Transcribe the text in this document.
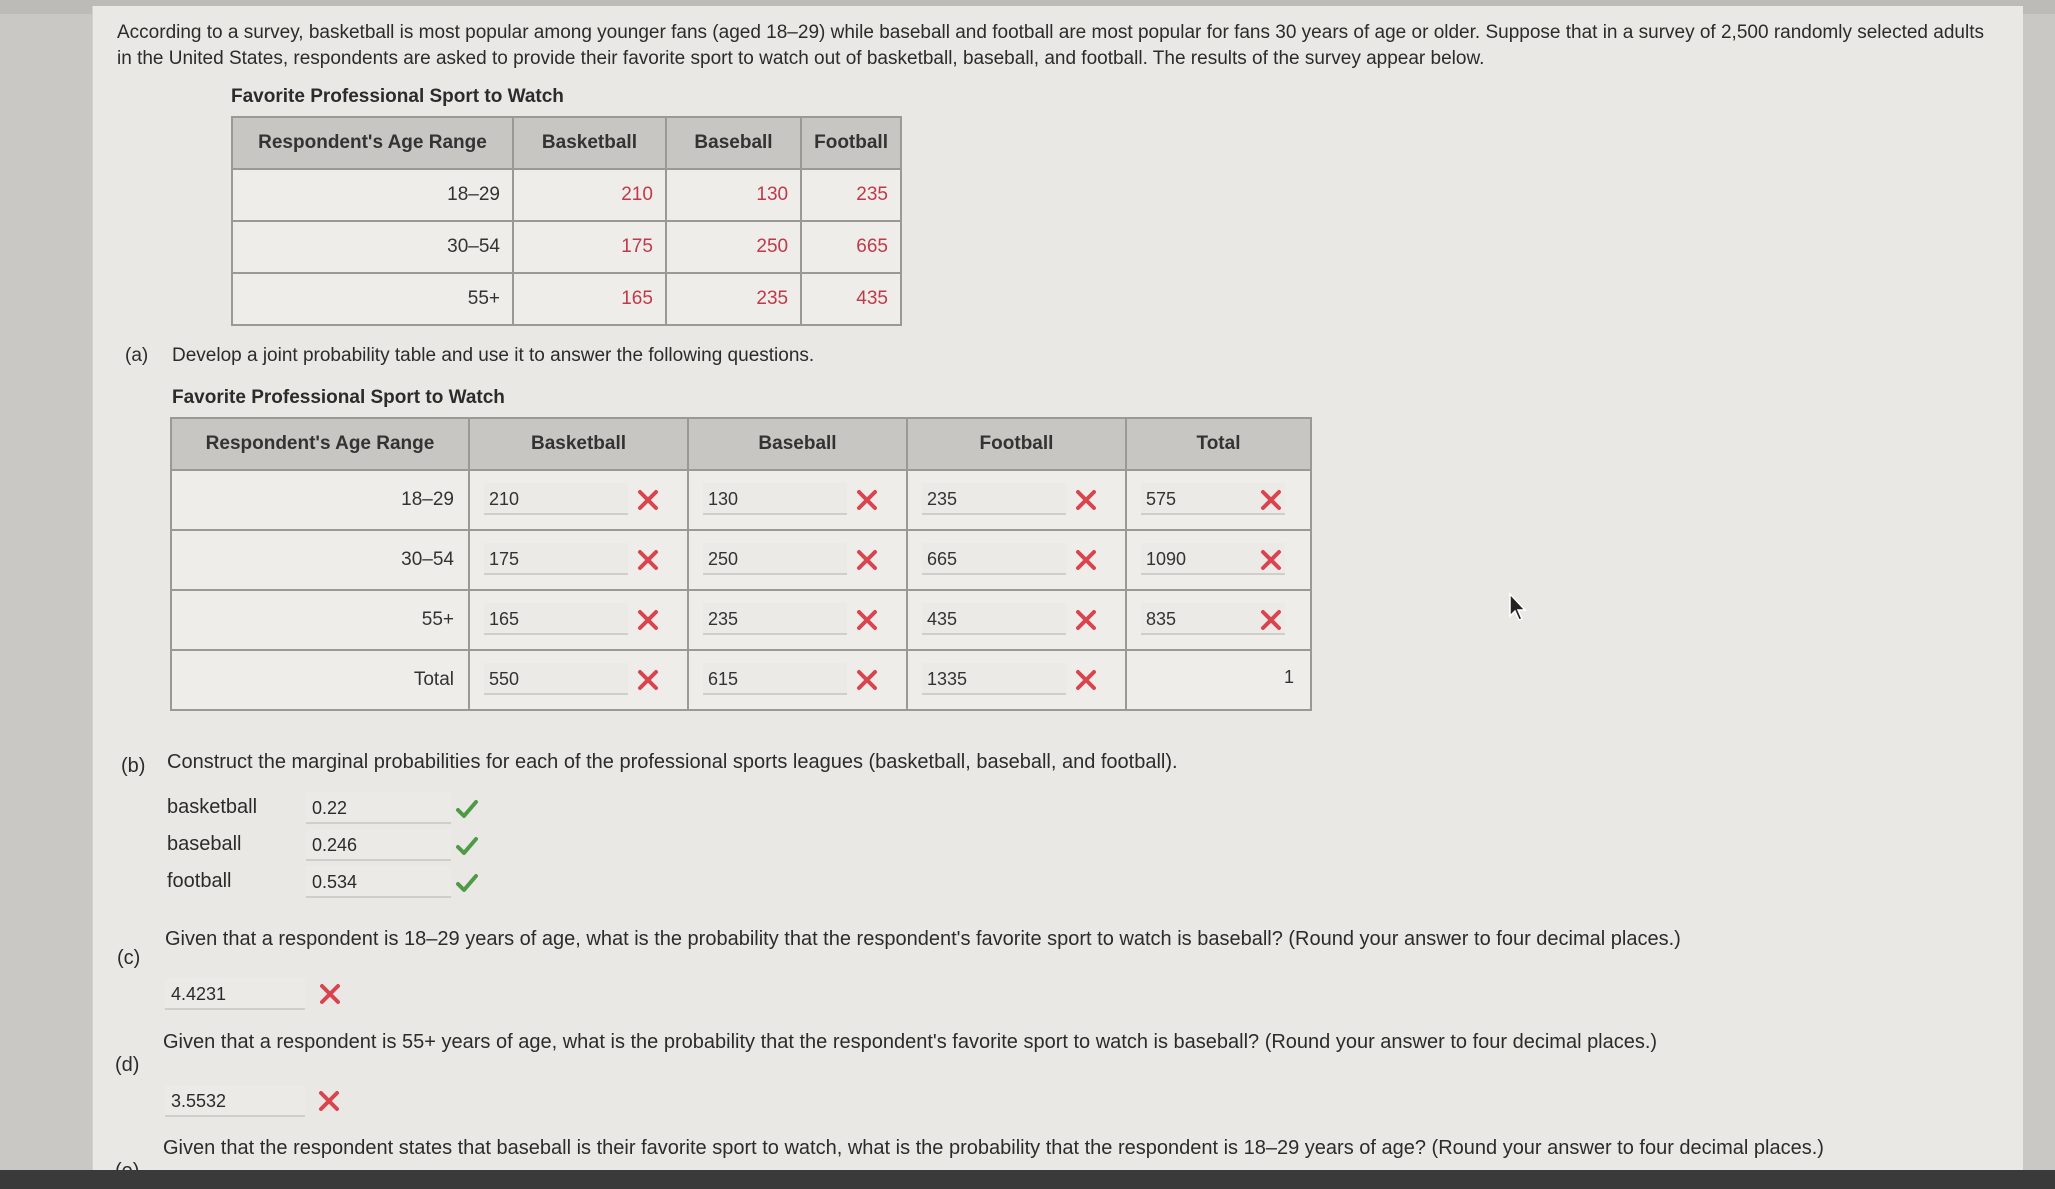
According to a survey, basketball is most popular among younger fans (aged 18–29) while baseball and football are most popular for fans 30 years of age or older. Suppose that in a survey of 2,500 randomly selected adults in the United States, respondents are asked to provide their favorite sport to watch out of basketball, baseball, and football. The results of the survey appear below.
Favorite Professional Sport to Watch
Respondent's Age Range	Basketball	Baseball	Football
18–29	210	130	235
30–54	175	250	665
55+	165	235	435
(a) Develop a joint probability table and use it to answer the following questions.
Favorite Professional Sport to Watch
Respondent's Age Range	Basketball	Baseball	Football	Total
18–29	210	130	235	575

30–54	175	250	665	1090

55+	165	235	435	835

Total	550	615	1335	1
(b) Construct the marginal probabilities for each of the professional sports leagues (basketball, baseball, and football).
basketball	0.22
baseball	0.246
football	0.534
(c)
Given that a respondent is 18–29 years of age, what is the probability that the respondent's favorite sport to watch is baseball? (Round your answer to four decimal places.)
4.4231
(d)
Given that a respondent is 55+ years of age, what is the probability that the respondent's favorite sport to watch is baseball? (Round your answer to four decimal places.)
3.5532
Given that the respondent states that baseball is their favorite sport to watch, what is the probability that the respondent is 18–29 years of age? (Round your answer to four decimal places.)
